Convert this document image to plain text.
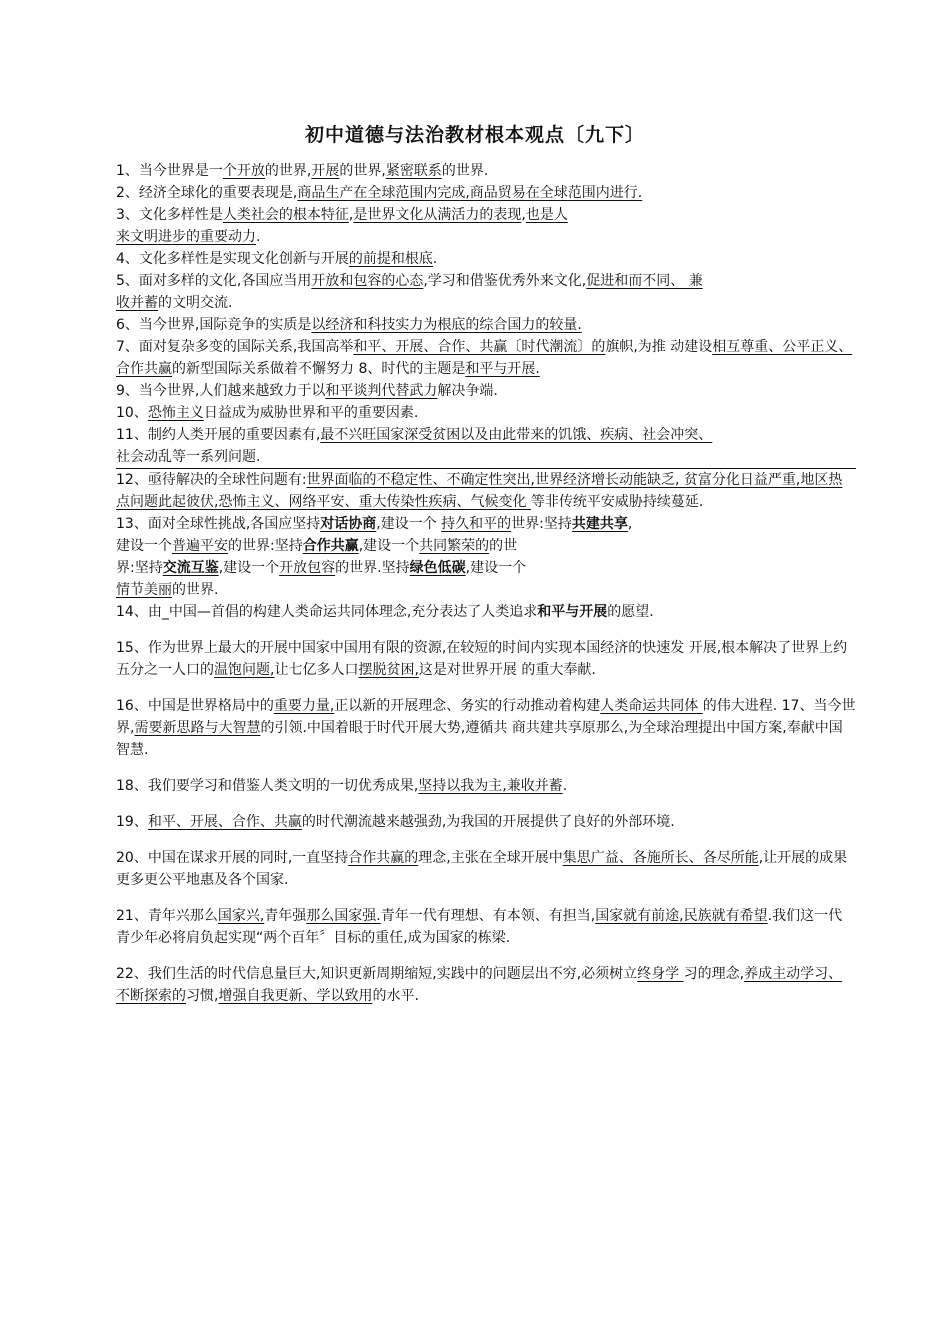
初中道德与法治教材根本观点〔九下〕

1、当今世界是一个开放的世界,开展的世界,紧密联系的世界.

2、经济全球化的重要表现是,商品生产在全球范围内完成,商品贸易在全球范围内进行.

3、文化多样性是人类社会的根本特征,是世界文化从满活力的表现,也是人
来文明进步的重要动力.

4、文化多样性是实现文化创新与开展的前提和根底.

5、面对多样的文化,各国应当用开放和包容的心态,学习和借鉴优秀外来文化,促进和而不同、 兼
收并蓄的文明交流.

6、当今世界,国际竞争的实质是以经济和科技实力为根底的综合国力的较量.

7、面对复杂多变的国际关系,我国高举和平、开展、合作、共赢〔时代潮流〕的旗帜,为推 动建设相互尊重、公平正义、合作共赢的新型国际关系做着不懈努力 8、时代的主题是和平与开展.

9、当今世界,人们越来越致力于以和平谈判代替武力解决争端.

10、恐怖主义日益成为威胁世界和平的重要因素.

11、制约人类开展的重要因素有,最不兴旺国家深受贫困以及由此带来的饥饿、疾病、社会冲突、
社会动乱等一系列问题.

12、亟待解决的全球性问题有:世界面临的不稳定性、不确定性突出,世界经济增长动能缺乏, 贫富分化日益严重,地区热点问题此起彼伏,恐怖主义、网络平安、重大传染性疾病、气候变化 等非传统平安威胁持续蔓延.

13、面对全球性挑战,各国应坚持对话协商,建设一个 持久和平的世界:坚持共建共享,
建设一个普遍平安的世界:坚持合作共赢,建设一个共同繁荣的的世
界:坚持交流互鉴,建设一个开放包容的世界.坚持绿色低碳,建设一个
情节美丽的世界.

14、由_中国—首倡的构建人类命运共同体理念,充分表达了人类追求和平与开展的愿望.

15、作为世界上最大的开展中国家中国用有限的资源,在较短的时间内实现本国经济的快速发 开展,根本解决了世界上约五分之一人口的温饱问题,让七亿多人口摆脱贫困,这是对世界开展 的重大奉献.

16、中国是世界格局中的重要力量,正以新的开展理念、务实的行动推动着构建人类命运共同体 的伟大进程. 17、当今世界,需要新思路与大智慧的引领.中国着眼于时代开展大势,遵循共 商共建共享原那么,为全球治理提出中国方案,奉献中国智慧.

18、我们要学习和借鉴人类文明的一切优秀成果,坚持以我为主,兼收并蓄.

19、和平、开展、合作、共赢的时代潮流越来越强劲,为我国的开展提供了良好的外部环境.

20、中国在谋求开展的同时,一直坚持合作共赢的理念,主张在全球开展中集思广益、各施所长、各尽所能,让开展的成果更多更公平地惠及各个国家.

21、青年兴那么国家兴,青年强那么国家强.青年一代有理想、有本领、有担当,国家就有前途,民族就有希望.我们这一代青少年必将肩负起实现“两个百年〞目标的重任,成为国家的栋梁.

22、我们生活的时代信息量巨大,知识更新周期缩短,实践中的问题层出不穷,必须树立终身学 习的理念,养成主动学习、不断探索的习惯,增强自我更新、学以致用的水平.
